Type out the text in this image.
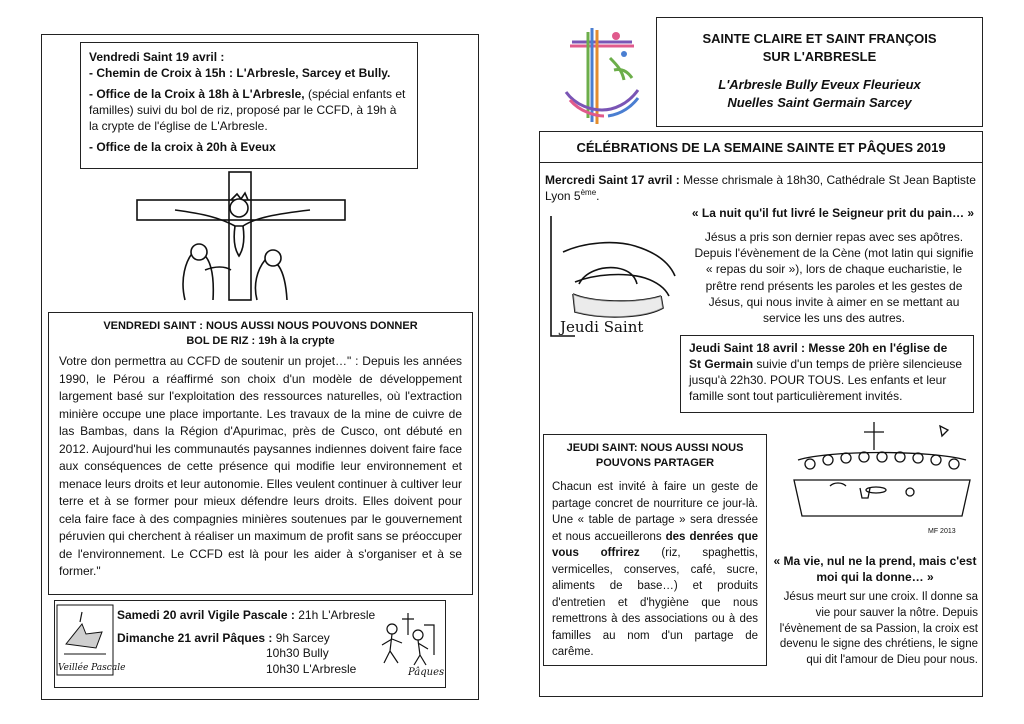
Vendredi Saint 19 avril :
- Chemin de Croix à 15h : L'Arbresle, Sarcey et Bully.
- Office de la Croix à 18h à L'Arbresle, (spécial enfants et familles) suivi du bol de riz, proposé par le CCFD, à 19h à la crypte de l'église de L'Arbresle.
- Office de la croix à 20h à Eveux
VENDREDI SAINT : NOUS AUSSI NOUS POUVONS DONNER
BOL DE RIZ : 19h à la crypte
Votre don permettra au CCFD de soutenir un projet…" : Depuis les années 1990, le Pérou a réaffirmé son choix d'un modèle de développement largement basé sur l'exploitation des ressources naturelles, où l'extraction minière occupe une place importante. Les travaux de la mine de cuivre de las Bambas, dans la Région d'Apurimac, près de Cusco, ont débuté en 2012. Aujourd'hui les communautés paysannes indiennes doivent faire face aux conséquences de cette présence qui modifie leur environnement et menace leurs droits et leur autonomie. Elles veulent continuer à cultiver leur terre et à se former pour mieux défendre leurs droits. Elles doivent pour cela faire face à des compagnies minières soutenues par le gouvernement péruvien qui cherchent à réaliser un maximum de profit sans se préoccuper de l'environnement. Le CCFD est là pour les aider à s'organiser et à se former."
Veillée Pascale
Samedi 20 avril Vigile Pascale : 21h L'Arbresle
Dimanche 21 avril Pâques : 9h Sarcey
10h30 Bully
10h30 L'Arbresle	Pâques
SAINTE CLAIRE ET SAINT FRANÇOIS
SUR L'ARBRESLE
L'Arbresle Bully Eveux Fleurieux
Nuelles Saint Germain Sarcey
CÉLÉBRATIONS DE LA SEMAINE SAINTE ET PÂQUES 2019
Mercredi Saint 17 avril : Messe chrismale à 18h30, Cathédrale St Jean Baptiste Lyon 5ème.
« La nuit qu'il fut livré le Seigneur prit du pain… »
Jeudi Saint
Jésus a pris son dernier repas avec ses apôtres. Depuis l'évènement de la Cène (mot latin qui signifie « repas du soir »), lors de chaque eucharistie, le prêtre rend présents les paroles et les gestes de Jésus, qui nous invite à aimer en se mettant au service les uns des autres.
Jeudi Saint 18 avril : Messe 20h en l'église de
St Germain suivie d'un temps de prière silencieuse jusqu'à 22h30. POUR TOUS. Les enfants et leur famille sont tout particulièrement invités.
JEUDI SAINT: NOUS AUSSI NOUS
POUVONS PARTAGER
Chacun est invité à faire un geste de partage concret de nourriture ce jour-là. Une « table de partage » sera dressée et nous accueillerons des denrées que vous offrirez (riz, spaghettis, vermicelles, conserves, café, sucre, aliments de base…) et produits d'entretien et d'hygiène que nous remettrons à des associations ou à des familles au nom d'un partage de carême.
MF 2013
« Ma vie, nul ne la prend, mais c'est
moi qui la donne… »
Jésus meurt sur une croix. Il donne sa vie pour sauver la nôtre. Depuis l'évènement de sa Passion, la croix est devenu le signe des chrétiens, le signe qui dit l'amour de Dieu pour nous.
